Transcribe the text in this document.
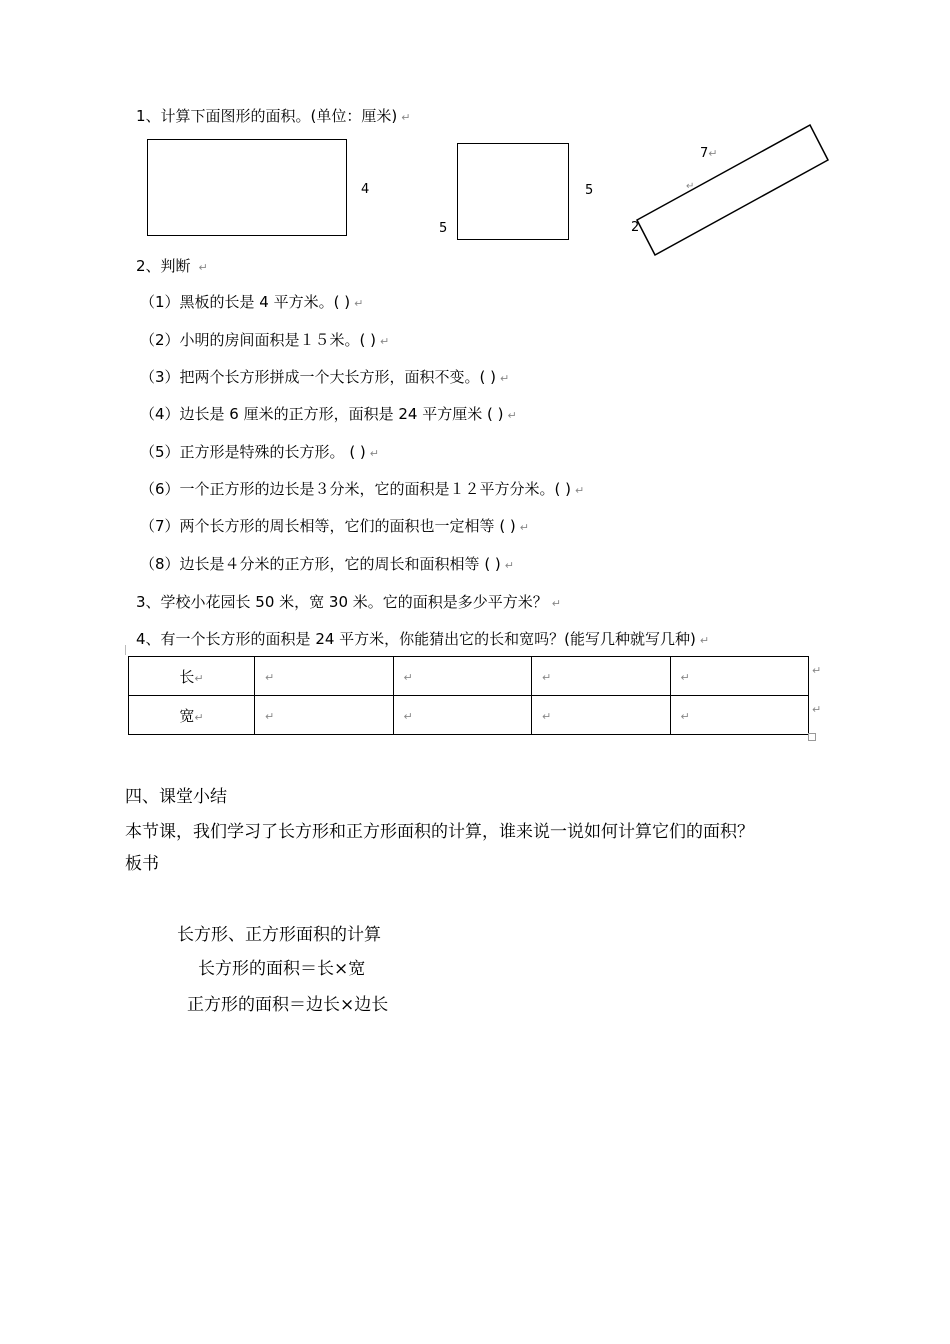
1、计算下面图形的面积。(单位：厘米) ↵
4	5
5
↵
7↵
2
2、判断 ↵
（1）黑板的长是 4 平方米。( ) ↵
（2）小明的房间面积是１５米。( ) ↵
（3）把两个长方形拼成一个大长方形，面积不变。( ) ↵
（4）边长是 6 厘米的正方形，面积是 24 平方厘米 ( ) ↵
（5）正方形是特殊的长方形。 ( ) ↵
（6）一个正方形的边长是３分米，它的面积是１２平方分米。( ) ↵
（7）两个长方形的周长相等，它们的面积也一定相等 ( ) ↵
（8）边长是４分米的正方形，它的周长和面积相等 ( ) ↵
3、学校小花园长 50 米，宽 30 米。它的面积是多少平方米？ ↵
4、有一个长方形的面积是 24 平方米，你能猜出它的长和宽吗？(能写几种就写几种) ↵
长↵	↵	↵	↵	↵
宽↵	↵	↵	↵	↵
↵
↵
四、课堂小结
本节课，我们学习了长方形和正方形面积的计算，谁来说一说如何计算它们的面积？
板书
长方形、正方形面积的计算
长方形的面积＝长×宽
正方形的面积＝边长×边长
